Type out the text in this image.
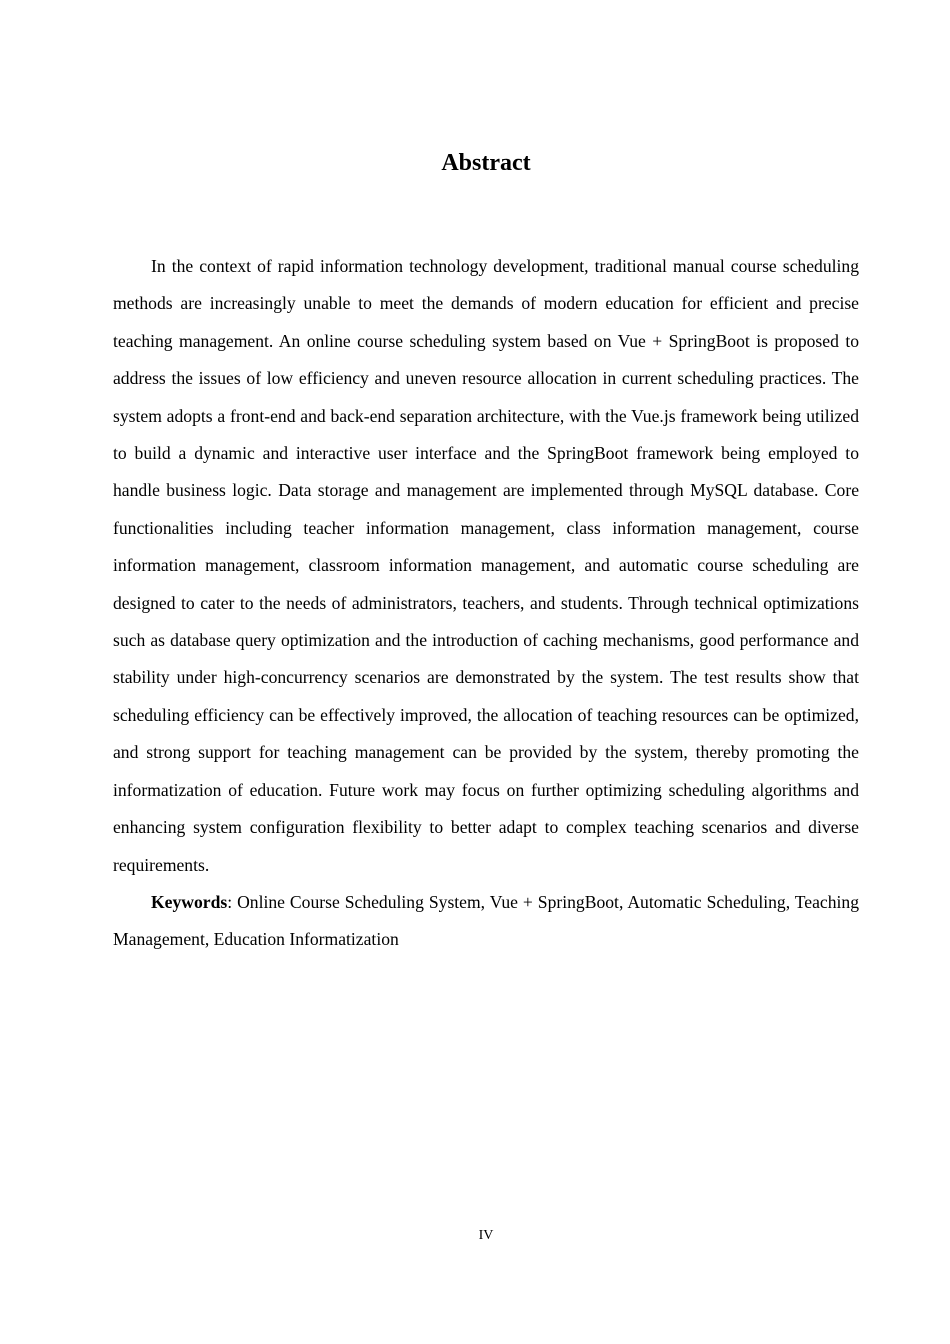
Abstract

In the context of rapid information technology development, traditional manual course scheduling methods are increasingly unable to meet the demands of modern education for efficient and precise teaching management. An online course scheduling system based on Vue + SpringBoot is proposed to address the issues of low efficiency and uneven resource allocation in current scheduling practices. The system adopts a front-end and back-end separation architecture, with the Vue.js framework being utilized to build a dynamic and interactive user interface and the SpringBoot framework being employed to handle business logic. Data storage and management are implemented through MySQL database. Core functionalities including teacher information management, class information management, course information management, classroom information management, and automatic course scheduling are designed to cater to the needs of administrators, teachers, and students. Through technical optimizations such as database query optimization and the introduction of caching mechanisms, good performance and stability under high-concurrency scenarios are demonstrated by the system. The test results show that scheduling efficiency can be effectively improved, the allocation of teaching resources can be optimized, and strong support for teaching management can be provided by the system, thereby promoting the informatization of education. Future work may focus on further optimizing scheduling algorithms and enhancing system configuration flexibility to better adapt to complex teaching scenarios and diverse requirements.

Keywords: Online Course Scheduling System, Vue + SpringBoot, Automatic Scheduling, Teaching Management, Education Informatization

IV
